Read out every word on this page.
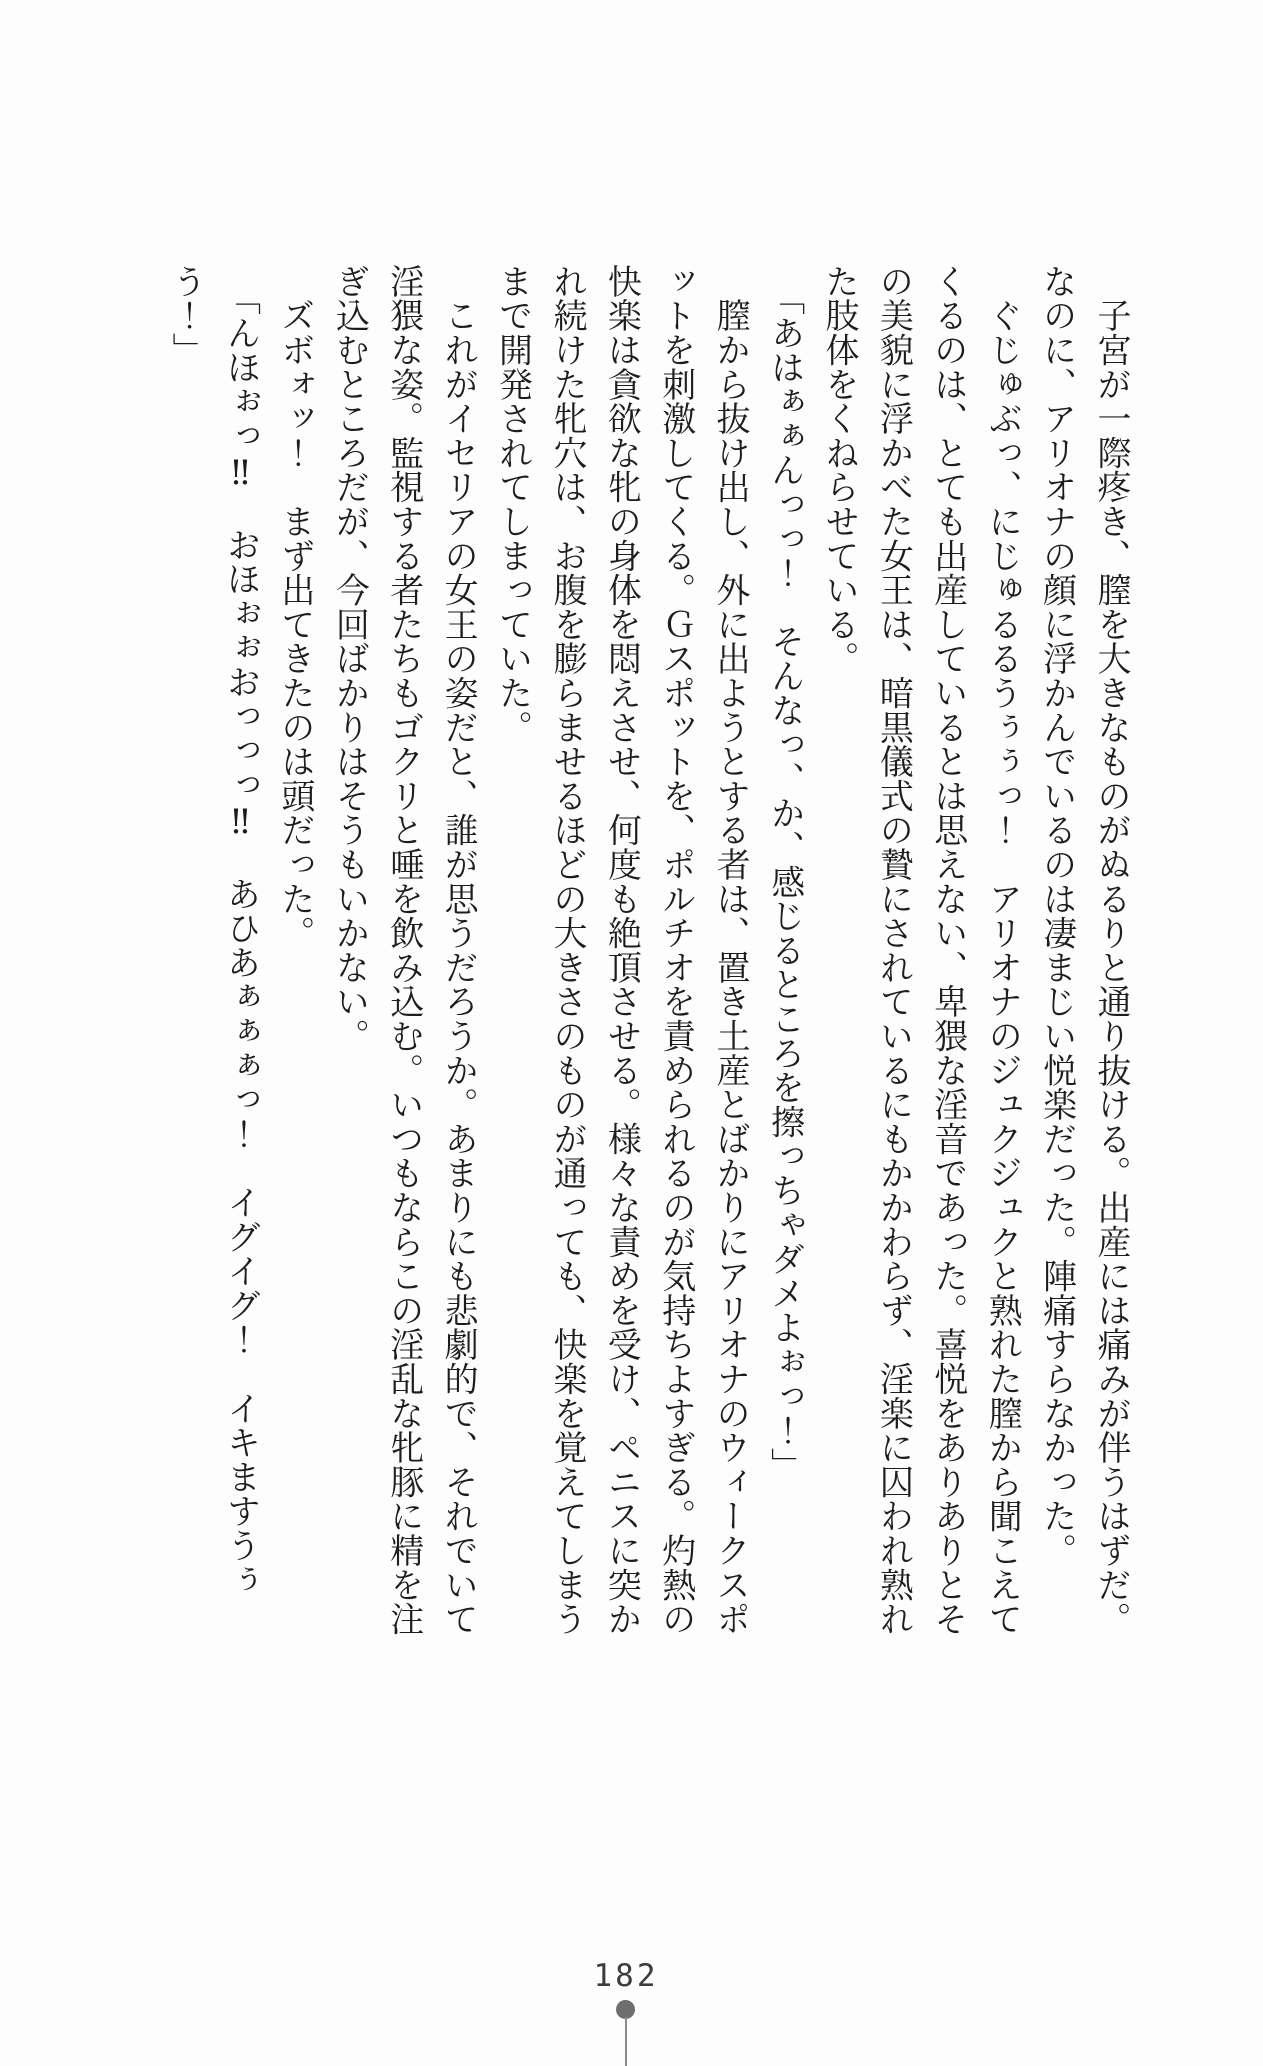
　子宮が一際疼き、膣を大きなものがぬるりと通り抜ける。出産には痛みが伴うはずだ。
なのに、アリオナの顔に浮かんでいるのは凄まじい悦楽だった。陣痛すらなかった。
　ぐじゅぶっ、にじゅるるうぅぅっ！　アリオナのジュクジュクと熟れた膣から聞こえて
くるのは、とても出産しているとは思えない、卑猥な淫音であった。喜悦をありありとそ
の美貌に浮かべた女王は、暗黒儀式の贄にされているにもかかわらず、淫楽に囚われ熟れ
た肢体をくねらせている。
　「あはぁぁんっっ！　そんなっ、か、感じるところを擦っちゃダメよぉっ！」
　膣から抜け出し、外に出ようとする者は、置き土産とばかりにアリオナのウィークスポ
ットを刺激してくる。Ｇスポットを、ポルチオを責められるのが気持ちよすぎる。灼熱の
快楽は貪欲な牝の身体を悶えさせ、何度も絶頂させる。様々な責めを受け、ペニスに突か
れ続けた牝穴は、お腹を膨らませるほどの大きさのものが通っても、快楽を覚えてしまう
まで開発されてしまっていた。
　これがイセリアの女王の姿だと、誰が思うだろうか。あまりにも悲劇的で、それでいて
淫猥な姿。監視する者たちもゴクリと唾を飲み込む。いつもならこの淫乱な牝豚に精を注
ぎ込むところだが、今回ばかりはそうもいかない。
　ズボォッ！　まず出てきたのは頭だった。
　「んほぉっ‼　おほぉぉおっっっ‼　あひあぁぁぁっ！　イグイグ！　イキますうぅ
う！」
182
